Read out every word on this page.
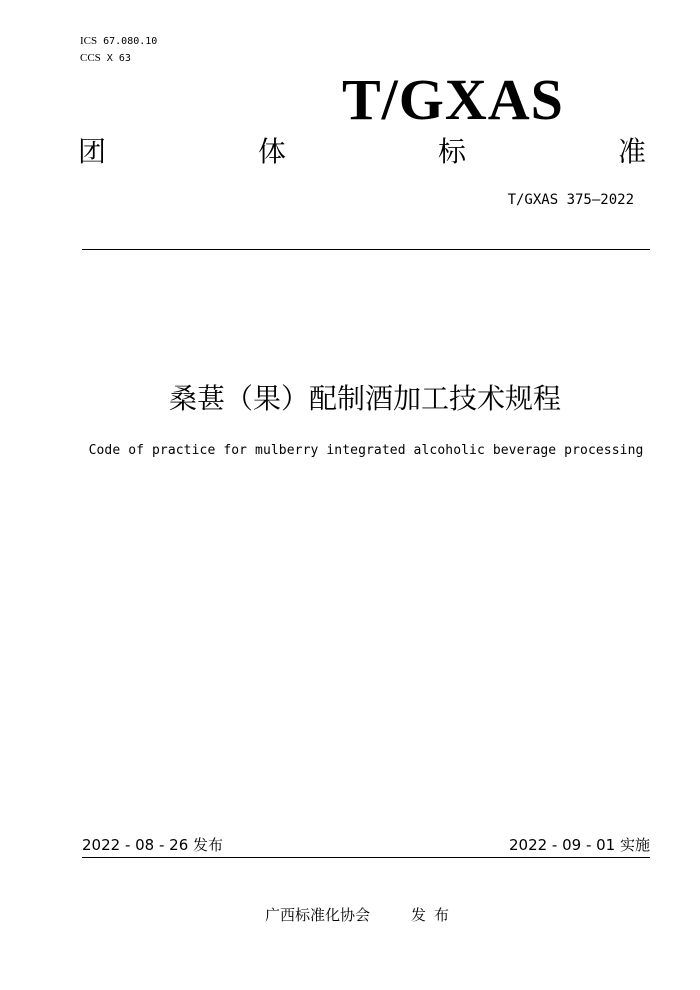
ICS 67.080.10
CCS X 63
T/GXAS
团	体	标	准
T/GXAS 375—2022
桑葚（果）配制酒加工技术规程
Code of practice for mulberry integrated alcoholic beverage processing
2022 - 08 - 26 发布	2022 - 09 - 01 实施
广西标准化协会	发布
